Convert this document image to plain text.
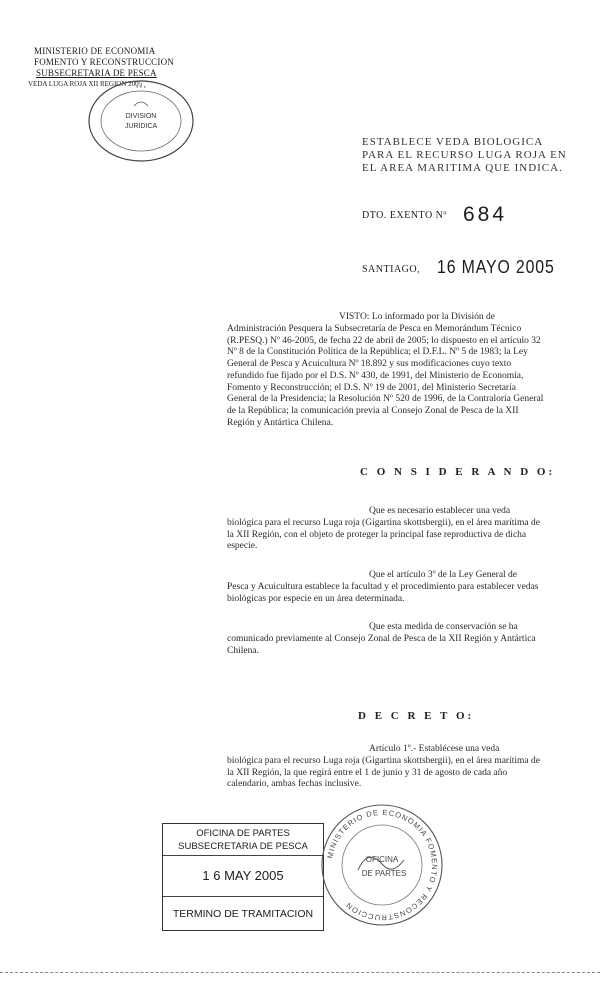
MINISTERIO DE ECONOMIA
FOMENTO Y RECONSTRUCCION
SUBSECRETARIA DE PESCA
VEDA LUGA ROJA XII REGION 2005
* * *
DIVISION
JURIDICA
ESTABLECE VEDA BIOLOGICA
PARA EL RECURSO LUGA ROJA EN
EL AREA MARITIMA QUE INDICA.
DTO. EXENTO Nº 684
SANTIAGO, 16 MAYO 2005
VISTO: Lo informado por la División de
Administración Pesquera la Subsecretaría de Pesca en Memorándum Técnico
(R.PESQ.) Nº 46-2005, de fecha 22 de abril de 2005; lo dispuesto en el artículo 32
Nº 8 de la Constitución Política de la República; el D.F.L. Nº 5 de 1983; la Ley
General de Pesca y Acuicultura Nº 18.892 y sus modificaciones cuyo texto
refundido fue fijado por el D.S. Nº 430, de 1991, del Ministerio de Economía,
Fomento y Reconstrucción; el D.S. Nº 19 de 2001, del Ministerio Secretaría
General de la Presidencia; la Resolución Nº 520 de 1996, de la Contraloría General
de la República; la comunicación previa al Consejo Zonal de Pesca de la XII
Región y Antártica Chilena.
C O N S I D E R A N D O:
Que es necesario establecer una veda
biológica para el recurso Luga roja (Gigartina skottsbergii), en el área marítima de
la XII Región, con el objeto de proteger la principal fase reproductiva de dicha
especie.
Que el artículo 3º de la Ley General de
Pesca y Acuicultura establece la facultad y el procedimiento para establecer vedas
biológicas por especie en un área determinada.
Que esta medida de conservación se ha
comunicado previamente al Consejo Zonal de Pesca de la XII Región y Antártica
Chilena.
D E C R E T O:
Artículo 1º.- Establécese una veda
biológica para el recurso Luga roja (Gigartina skottsbergii), en el área marítima de
la XII Región, la que regirá entre el 1 de junio y 31 de agosto de cada año
calendario, ambas fechas inclusive.
OFICINA DE PARTES
SUBSECRETARIA DE PESCA
1 6 MAY 2005
TERMINO DE TRAMITACION
MINISTERIO DE ECONOMIA FOMENTO Y RECONSTRUCCION
OFICINA
DE PARTES
